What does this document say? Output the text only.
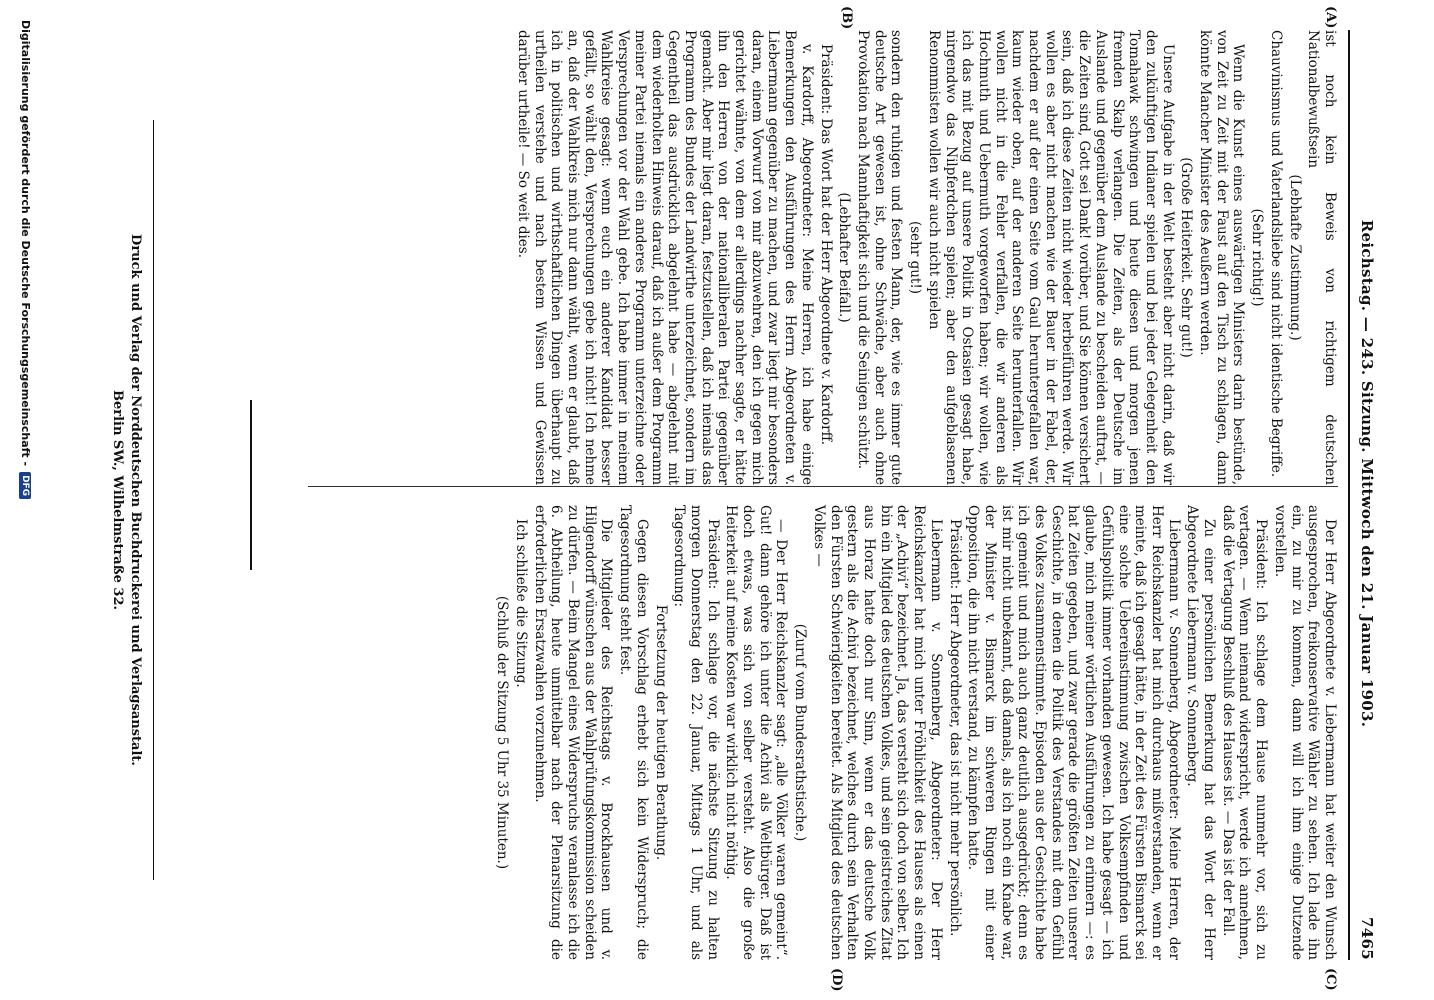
Reichstag. — 243. Sitzung. Mittwoch den 21. Januar 1903.
7465
(A)
(B)
(C)
(D)

ist noch kein Beweis von richtigem deutschen Nationalbewußtsein

(Lebhafte Zustimmung.)

Chauvinismus und Vaterlandsliebe sind nicht identische Begriffe.

(Sehr richtig!)

Wenn die Kunst eines auswärtigen Ministers darin bestünde, von Zeit zu Zeit mit der Faust auf den Tisch zu schlagen, dann könnte Mancher Minister des Aeußern werden.

(Große Heiterkeit. Sehr gut!)

Unsere Aufgabe in der Welt besteht aber nicht darin, daß wir den zukünftigen Indianer spielen und bei jeder Gelegenheit den Tomahawk schwingen und heute diesen und morgen jenen fremden Skalp verlangen. Die Zeiten, als der Deutsche im Auslande und gegenüber dem Auslande zu bescheiden auftrat, — die Zeiten sind, Gott sei Dank! vorüber, und Sie können versichert sein, daß ich diese Zeiten nicht wieder herbeiführen werde. Wir wollen es aber nicht machen wie der Bauer in der Fabel, der, nachdem er auf der einen Seite vom Gaul heruntergefallen war, kaum wieder oben, auf der anderen Seite herunterfallen. Wir wollen nicht in die Fehler verfallen, die wir anderen als Hochmuth und Uebermuth vorgeworfen haben; wir wollen, wie ich das mit Bezug auf unsere Politik in Ostasien gesagt habe, nirgendwo das Nilpferdchen spielen; aber den aufgeblasenen Renommisten wollen wir auch nicht spielen

(sehr gut!)

sondern den ruhigen und festen Mann, der, wie es immer gute deutsche Art gewesen ist, ohne Schwäche, aber auch ohne Provokation nach Mannhaftigkeit sich und die Seinigen schützt.

(Lebhafter Beifall.)

Präsident: Das Wort hat der Herr Abgeordnete v. Kardorff.

v. Kardorff, Abgeordneter: Meine Herren, ich habe einige Bemerkungen den Ausführungen des Herrn Abgeordneten v. Liebermann gegenüber zu machen, und zwar liegt mir besonders daran, einem Vorwurf von mir abzuwehren, den ich gegen mich gerichtet wähnte, von dem er allerdings nachher sagte, er hätte ihn den Herren von der nationalliberalen Partei gegenüber gemacht. Aber mir liegt daran, festzustellen, daß ich niemals das Programm des Bundes der Landwirthe unterzeichnet, sondern im Gegentheil das ausdrücklich abgelehnt habe — abgelehnt mit dem wiederholten Hinweis darauf, daß ich außer dem Programm meiner Partei niemals ein anderes Programm unterzeichne oder Versprechungen vor der Wahl gebe. Ich habe immer in meinem Wahlkreise gesagt: wenn euch ein anderer Kandidat besser gefällt, so wählt den, Versprechungen gebe ich nicht! Ich nehme an, daß der Wahlkreis mich nur dann wählt, wenn er glaubt, daß ich in politischen und wirthschaftlichen Dingen überhaupt zu urtheilen verstehe und nach bestem Wissen und Gewissen darüber urtheile! — So weit dies.

Der Herr Abgeordnete v. Liebermann hat weiter den Wunsch ausgesprochen, freikonservative Wähler zu sehen. Ich lade ihn ein, zu mir zu kommen, dann will ich ihm einige Dutzende vorstellen.

Präsident: Ich schlage dem Hause nunmehr vor, sich zu vertagen. — Wenn niemand widerspricht, werde ich annehmen, daß die Vertagung Beschluß des Hauses ist. — Das ist der Fall.

Zu einer persönlichen Bemerkung hat das Wort der Herr Abgeordnete Liebermann v. Sonnenberg.

Liebermann v. Sonnenberg, Abgeordneter: Meine Herren, der Herr Reichskanzler hat mich durchaus mißverstanden, wenn er meinte, daß ich gesagt hätte, in der Zeit des Fürsten Bismarck sei eine solche Uebereinstimmung zwischen Volksempfinden und Gefühlspolitik immer vorhanden gewesen. Ich habe gesagt — ich glaube, mich meiner wörtlichen Ausführungen zu erinnern —: es hat Zeiten gegeben, und zwar gerade die größten Zeiten unserer Geschichte, in denen die Politik des Verstandes mit dem Gefühl des Volkes zusammenstimmte. Episoden aus der Geschichte habe ich gemeint und mich auch ganz deutlich ausgedrückt; denn es ist mir nicht unbekannt, daß damals, als ich noch ein Knabe war, der Minister v. Bismarck im schweren Ringen mit einer Opposition, die ihn nicht verstand, zu kämpfen hatte.

Präsident: Herr Abgeordneter, das ist nicht mehr persönlich.

Liebermann v. Sonnenberg, Abgeordneter: Der Herr Reichskanzler hat mich unter Fröhlichkeit des Hauses als einen der „Achivi“ bezeichnet. Ja, das versteht sich doch von selber. Ich bin ein Mitglied des deutschen Volkes, und sein geistreiches Zitat aus Horaz hatte doch nur Sinn, wenn er das deutsche Volk gestern als die Achivi bezeichnet, welches durch sein Verhalten den Fürsten Schwierigkeiten bereitet. Als Mitglied des deutschen Volkes —

(Zuruf vom Bundesrathstische.)

— Der Herr Reichskanzler sagt: „alle Völker waren gemeint“. Gut! dann gehöre ich unter die Achivi als Weltbürger. Daß ist doch etwas, was sich von selber versteht. Also die große Heiterkeit auf meine Kosten war wirklich nicht nöthig.

Präsident: Ich schlage vor, die nächste Sitzung zu halten morgen Donnerstag den 22. Januar, Mittags 1 Uhr, und als Tagesordnung:

Fortsetzung der heutigen Berathung.

Gegen diesen Vorschlag erhebt sich kein Widerspruch; die Tagesordnung steht fest.

Die Mitglieder des Reichstags v. Brockhausen und v. Hilgendorff wünschen aus der Wahlprüfungskommission scheiden zu dürfen. — Beim Mangel eines Widerspruchs veranlasse ich die 6. Abtheilung, heute unmittelbar nach der Plenarsitzung die erforderlichen Ersatzwahlen vorzunehmen.

Ich schließe die Sitzung.

(Schluß der Sitzung 5 Uhr 35 Minuten.)

Druck und Verlag der Norddeutschen Buchdruckerei und Verlagsanstalt.
Berlin SW., Wilhelmstraße 32.
Digitalisierung gefördert durch die Deutsche Forschungsgemeinschaft -
DFG
